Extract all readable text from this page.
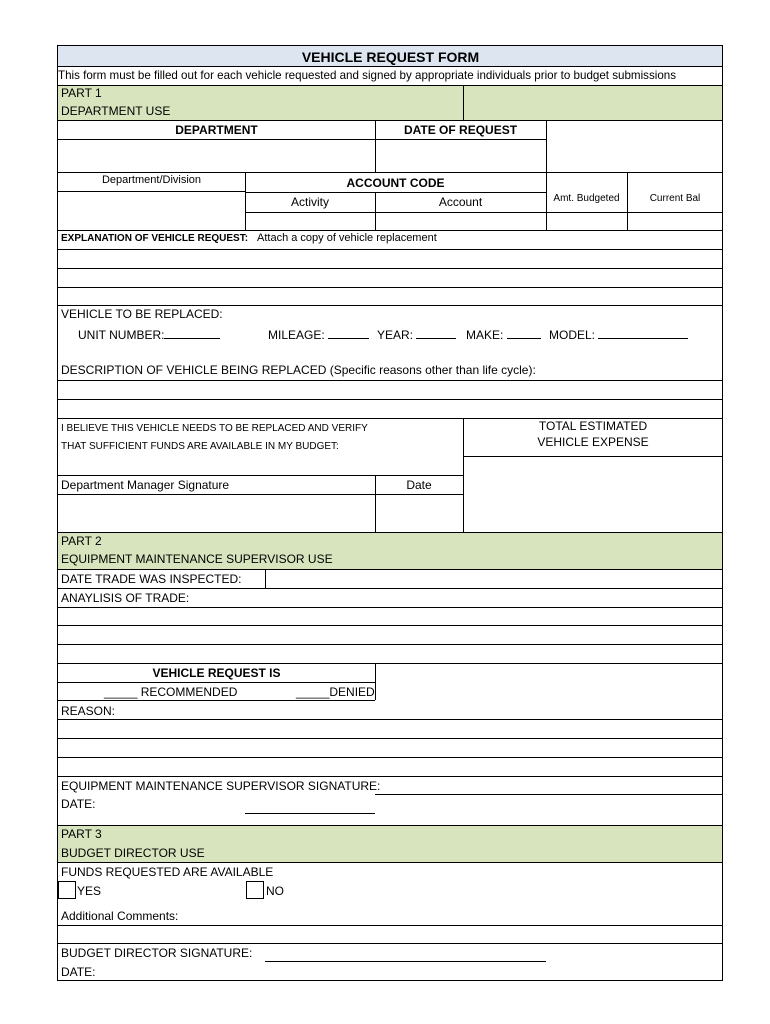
VEHICLE REQUEST FORM
This form must be filled out for each vehicle requested and signed by appropriate individuals prior to budget submissions
PART 1
DEPARTMENT USE
DEPARTMENT	DATE OF REQUEST
Department/Division	ACCOUNT CODE
Activity	Account	Amt. Budgeted	Current Bal
EXPLANATION OF VEHICLE REQUEST: Attach a copy of vehicle replacement
VEHICLE TO BE REPLACED:
UNIT NUMBER:	MILEAGE:	YEAR:	MAKE:	MODEL:
DESCRIPTION OF VEHICLE BEING REPLACED (Specific reasons other than life cycle):
I BELIEVE THIS VEHICLE NEEDS TO BE REPLACED AND VERIFY
THAT SUFFICIENT FUNDS ARE AVAILABLE IN MY BUDGET:
TOTAL ESTIMATED
VEHICLE EXPENSE
Department Manager Signature	Date
PART 2
EQUIPMENT MAINTENANCE SUPERVISOR USE
DATE TRADE WAS INSPECTED:
ANAYLISIS OF TRADE:
VEHICLE REQUEST IS
_____ RECOMMENDED	_____DENIED
REASON:
EQUIPMENT MAINTENANCE SUPERVISOR SIGNATURE:
DATE:
PART 3
BUDGET DIRECTOR USE
FUNDS REQUESTED ARE AVAILABLE
YES	NO
Additional Comments:
BUDGET DIRECTOR SIGNATURE:
DATE:
